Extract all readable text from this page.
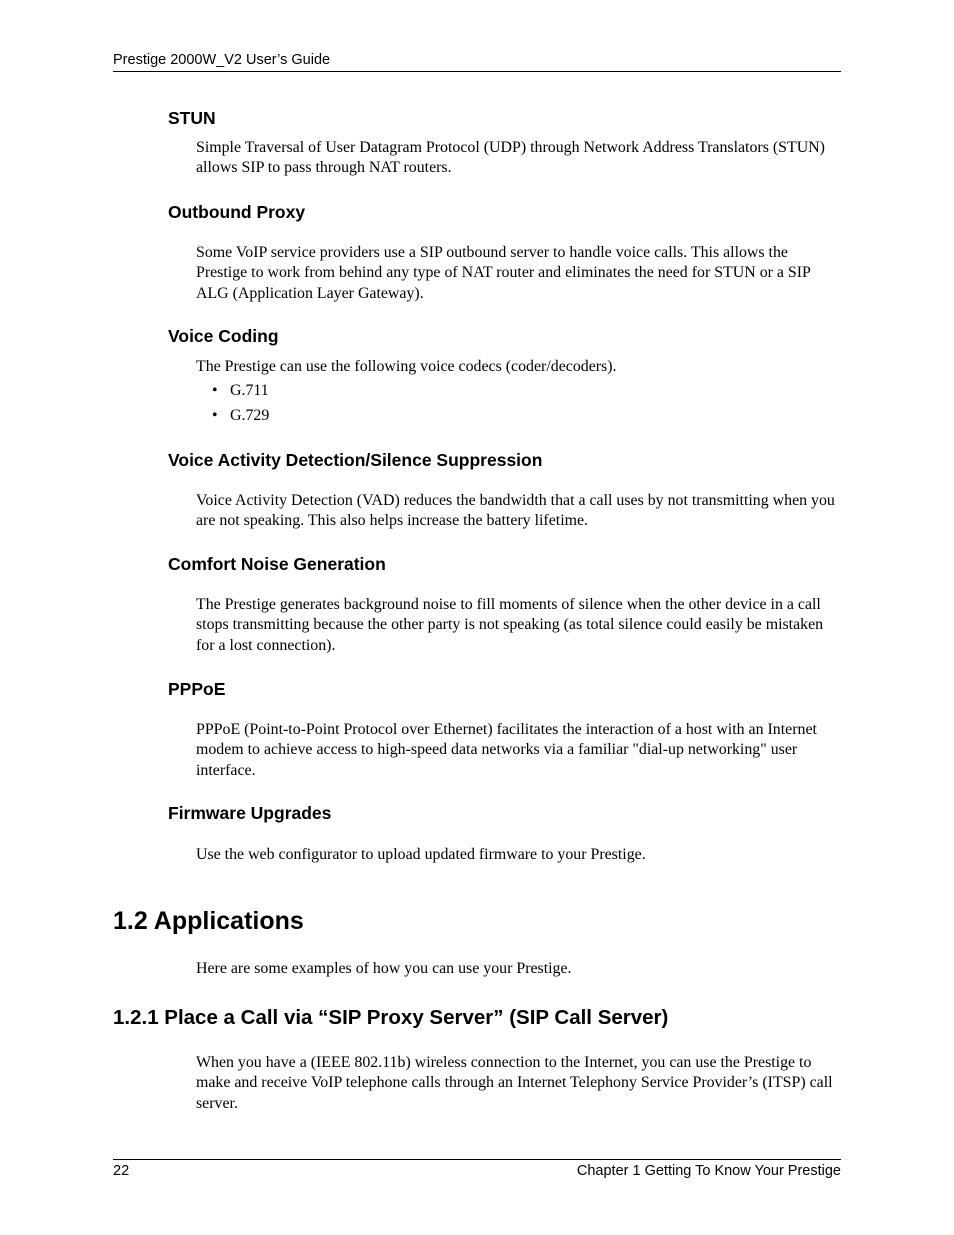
Prestige 2000W_V2 User’s Guide
STUN
Simple Traversal of User Datagram Protocol (UDP) through Network Address Translators (STUN) allows SIP to pass through NAT routers.
Outbound Proxy
Some VoIP service providers use a SIP outbound server to handle voice calls. This allows the Prestige to work from behind any type of NAT router and eliminates the need for STUN or a SIP ALG (Application Layer Gateway).
Voice Coding
The Prestige can use the following voice codecs (coder/decoders).
• G.711
• G.729
Voice Activity Detection/Silence Suppression
Voice Activity Detection (VAD) reduces the bandwidth that a call uses by not transmitting when you are not speaking. This also helps increase the battery lifetime.
Comfort Noise Generation
The Prestige generates background noise to fill moments of silence when the other device in a call stops transmitting because the other party is not speaking (as total silence could easily be mistaken for a lost connection).
PPPoE
PPPoE (Point-to-Point Protocol over Ethernet) facilitates the interaction of a host with an Internet modem to achieve access to high-speed data networks via a familiar "dial-up networking" user interface.
Firmware Upgrades
Use the web configurator to upload updated firmware to your Prestige.
1.2 Applications
Here are some examples of how you can use your Prestige.
1.2.1 Place a Call via “SIP Proxy Server” (SIP Call Server)
When you have a (IEEE 802.11b) wireless connection to the Internet, you can use the Prestige to make and receive VoIP telephone calls through an Internet Telephony Service Provider’s (ITSP) call server.
22	Chapter 1 Getting To Know Your Prestige
